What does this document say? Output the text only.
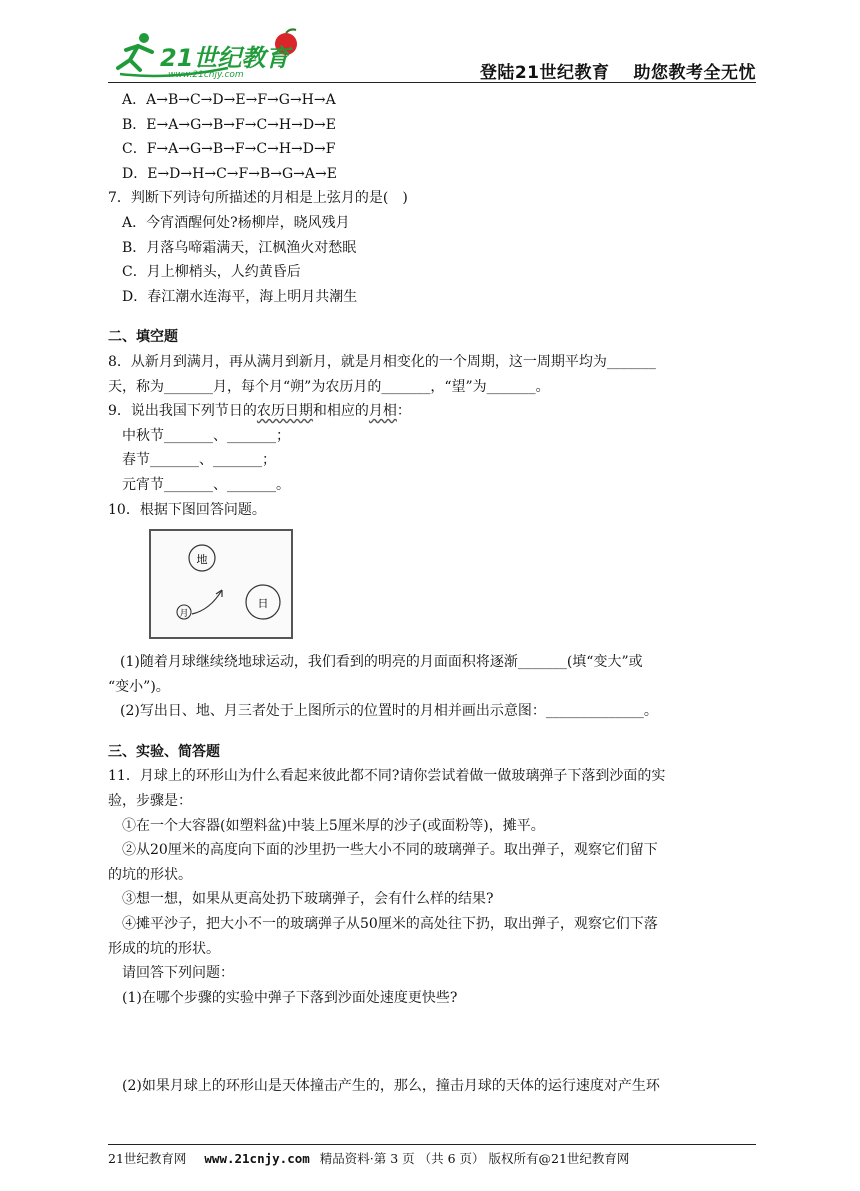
21世纪教育
www.21cnjy.com	登陆21世纪教育 助您教考全无忧
A．A→B→C→D→E→F→G→H→A
B．E→A→G→B→F→C→H→D→E
C．F→A→G→B→F→C→H→D→F
D．E→D→H→C→F→B→G→A→E
7．判断下列诗句所描述的月相是上弦月的是(　)
A．今宵酒醒何处?杨柳岸，晓风残月
B．月落乌啼霜满天，江枫渔火对愁眠
C．月上柳梢头，人约黄昏后
D．春江潮水连海平，海上明月共潮生
二、填空题
8．从新月到满月，再从满月到新月，就是月相变化的一个周期，这一周期平均为_______
天，称为_______月，每个月“朔”为农历月的_______，“望”为_______。
9．说出我国下列节日的农历日期和相应的月相：
中秋节_______、_______；
春节_______、_______；
元宵节_______、_______。
10．根据下图回答问题。
地
日
月
(1)随着月球继续绕地球运动，我们看到的明亮的月面面积将逐渐_______(填“变大”或
“变小”)。
(2)写出日、地、月三者处于上图所示的位置时的月相并画出示意图：______________。
三、实验、简答题
11．月球上的环形山为什么看起来彼此都不同?请你尝试着做一做玻璃弹子下落到沙面的实
验，步骤是：
①在一个大容器(如塑料盆)中装上5厘米厚的沙子(或面粉等)，摊平。
②从20厘米的高度向下面的沙里扔一些大小不同的玻璃弹子。取出弹子，观察它们留下
的坑的形状。
③想一想，如果从更高处扔下玻璃弹子，会有什么样的结果?
④摊平沙子，把大小不一的玻璃弹子从50厘米的高处往下扔，取出弹子，观察它们下落
形成的坑的形状。
请回答下列问题：
(1)在哪个步骤的实验中弹子下落到沙面处速度更快些?
(2)如果月球上的环形山是天体撞击产生的，那么，撞击月球的天体的运行速度对产生环
21世纪教育网 www.21cnjy.com 精品资料·第 3 页 （共 6 页） 版权所有@21世纪教育网
